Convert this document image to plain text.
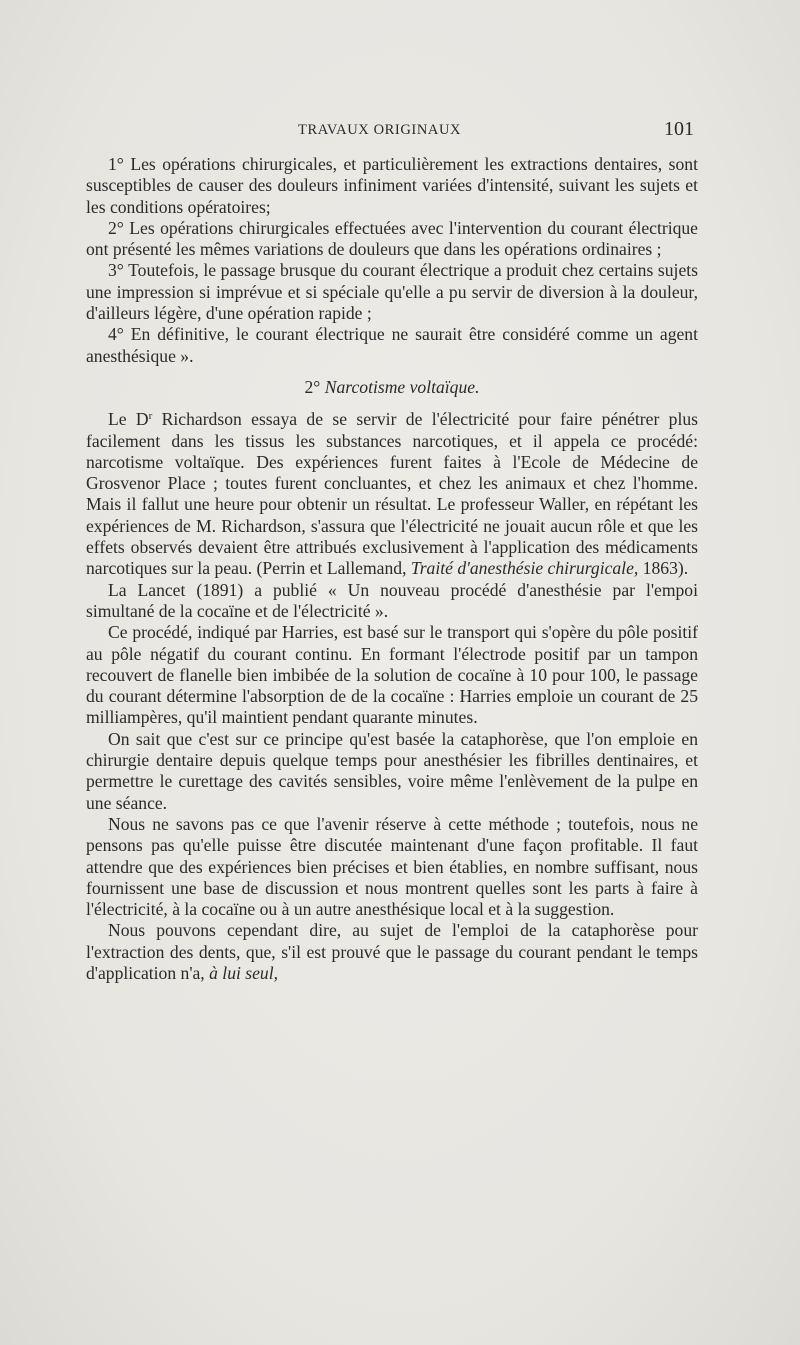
TRAVAUX ORIGINAUX	101

1° Les opérations chirurgicales, et particulièrement les extractions dentaires, sont susceptibles de causer des douleurs infiniment variées d'intensité, suivant les sujets et les conditions opératoires;

2° Les opérations chirurgicales effectuées avec l'intervention du courant électrique ont présenté les mêmes variations de douleurs que dans les opérations ordinaires ;

3° Toutefois, le passage brusque du courant électrique a produit chez certains sujets une impression si imprévue et si spéciale qu'elle a pu servir de diversion à la douleur, d'ailleurs légère, d'une opération rapide ;

4° En définitive, le courant électrique ne saurait être considéré comme un agent anesthésique ».

2° Narcotisme voltaïque.

Le $D^r$ Richardson essaya de se servir de l'électricité pour faire pénétrer plus facilement dans les tissus les substances narcotiques, et il appela ce procédé: narcotisme voltaïque. Des expériences furent faites à l'Ecole de Médecine de Grosvenor Place ; toutes furent concluantes, et chez les animaux et chez l'homme. Mais il fallut une heure pour obtenir un résultat. Le professeur Waller, en répétant les expériences de M. Richardson, s'assura que l'électricité ne jouait aucun rôle et que les effets observés devaient être attribués exclusivement à l'application des médicaments narcotiques sur la peau. (Perrin et Lallemand, Traité d'anesthésie chirurgicale, 1863).

La Lancet (1891) a publié « Un nouveau procédé d'anesthésie par l'empoi simultané de la cocaïne et de l'électricité ».

Ce procédé, indiqué par Harries, est basé sur le transport qui s'opère du pôle positif au pôle négatif du courant continu. En formant l'électrode positif par un tampon recouvert de flanelle bien imbibée de la solution de cocaïne à 10 pour 100, le passage du courant détermine l'absorption de de la cocaïne : Harries emploie un courant de 25 milliampères, qu'il maintient pendant quarante minutes.

On sait que c'est sur ce principe qu'est basée la cataphorèse, que l'on emploie en chirurgie dentaire depuis quelque temps pour anesthésier les fibrilles dentinaires, et permettre le curettage des cavités sensibles, voire même l'enlèvement de la pulpe en une séance.

Nous ne savons pas ce que l'avenir réserve à cette méthode ; toutefois, nous ne pensons pas qu'elle puisse être discutée maintenant d'une façon profitable. Il faut attendre que des expériences bien précises et bien établies, en nombre suffisant, nous fournissent une base de discussion et nous montrent quelles sont les parts à faire à l'électricité, à la cocaïne ou à un autre anesthésique local et à la suggestion.

Nous pouvons cependant dire, au sujet de l'emploi de la cataphorèse pour l'extraction des dents, que, s'il est prouvé que le passage du courant pendant le temps d'application n'a, à lui seul,
